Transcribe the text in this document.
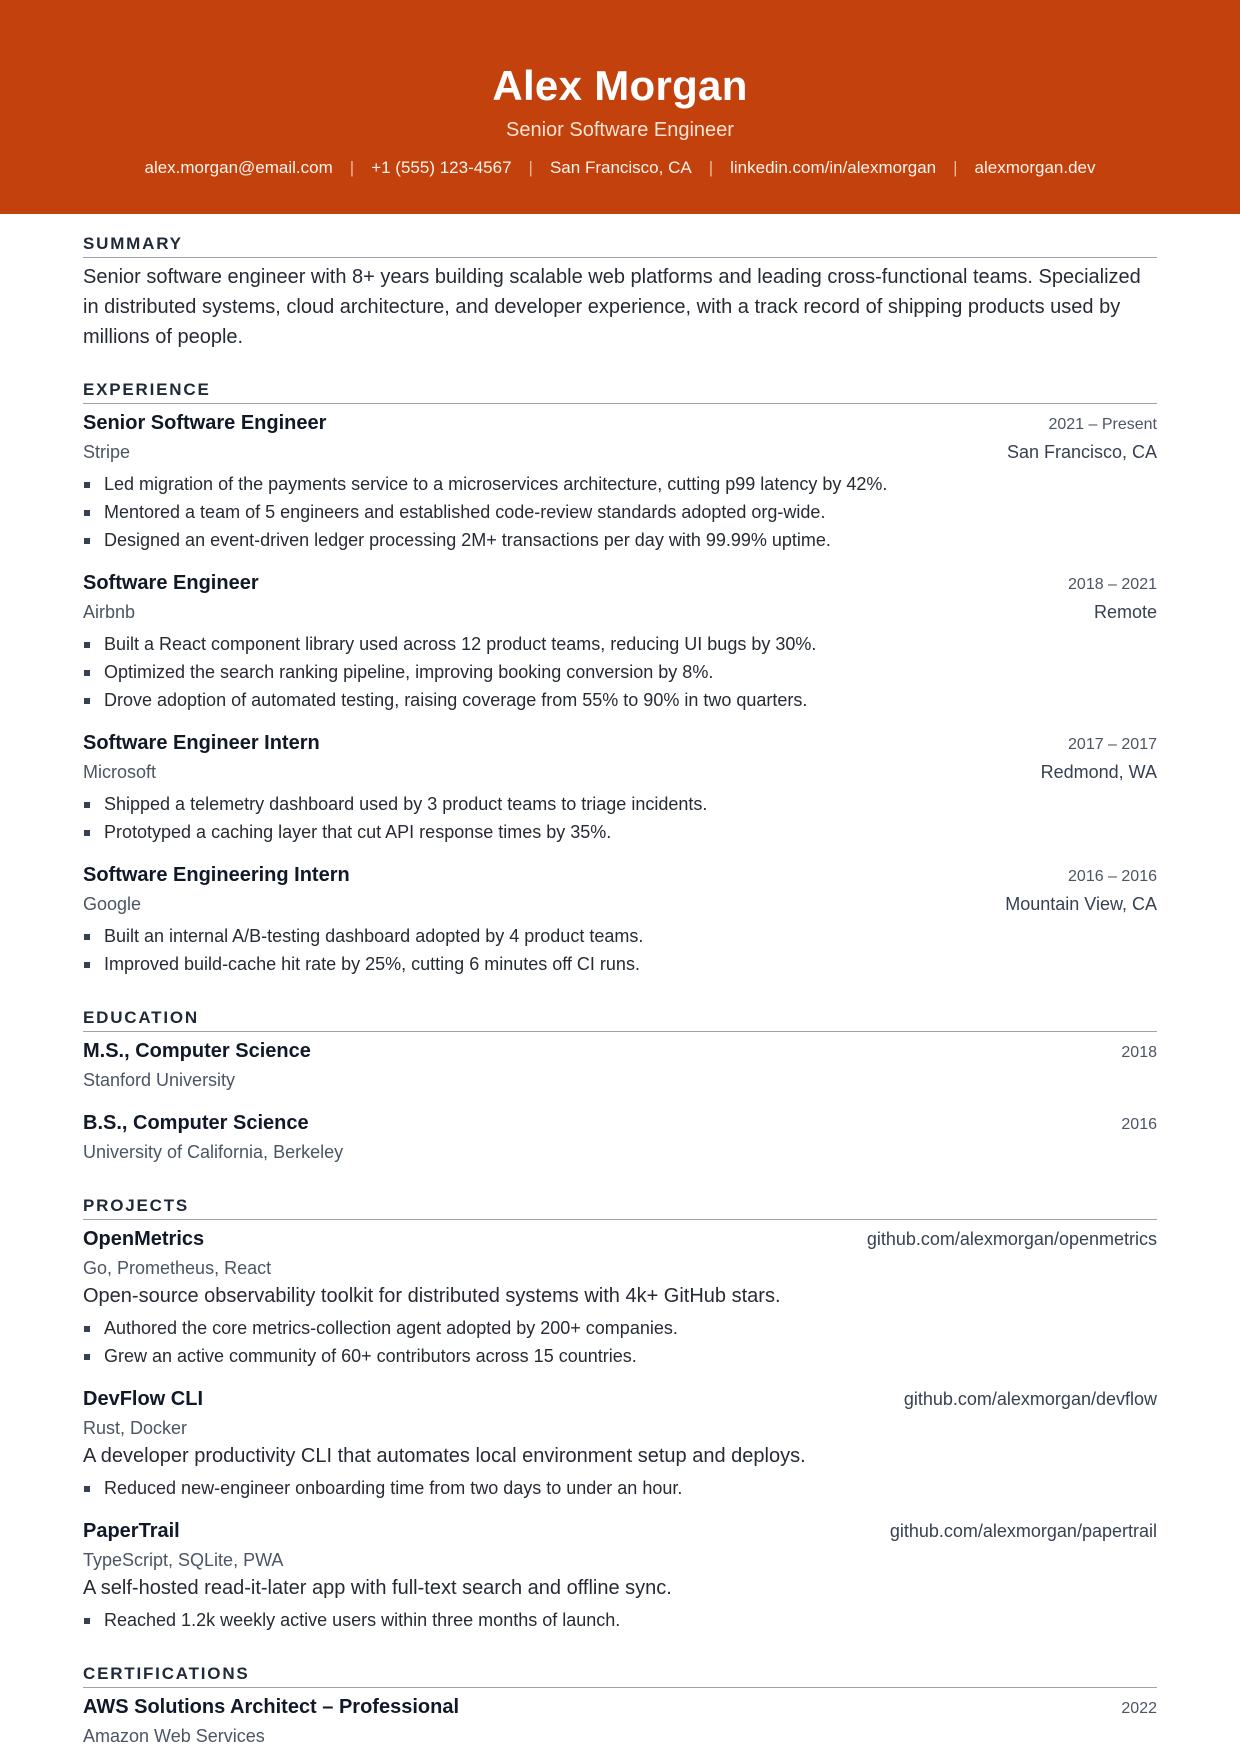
Alex Morgan
Senior Software Engineer
alex.morgan@email.com | +1 (555) 123-4567 | San Francisco, CA | linkedin.com/in/alexmorgan | alexmorgan.dev
SUMMARY

Senior software engineer with 8+ years building scalable web platforms and leading cross-functional teams. Specialized in distributed systems, cloud architecture, and developer experience, with a track record of shipping products used by millions of people.

EXPERIENCE
Senior Software Engineer	2021 – Present
Stripe	San Francisco, CA
Led migration of the payments service to a microservices architecture, cutting p99 latency by 42%.
Mentored a team of 5 engineers and established code-review standards adopted org-wide.
Designed an event-driven ledger processing 2M+ transactions per day with 99.99% uptime.
Software Engineer	2018 – 2021
Airbnb	Remote
Built a React component library used across 12 product teams, reducing UI bugs by 30%.
Optimized the search ranking pipeline, improving booking conversion by 8%.
Drove adoption of automated testing, raising coverage from 55% to 90% in two quarters.
Software Engineer Intern	2017 – 2017
Microsoft	Redmond, WA
Shipped a telemetry dashboard used by 3 product teams to triage incidents.
Prototyped a caching layer that cut API response times by 35%.
Software Engineering Intern	2016 – 2016
Google	Mountain View, CA
Built an internal A/B-testing dashboard adopted by 4 product teams.
Improved build-cache hit rate by 25%, cutting 6 minutes off CI runs.
EDUCATION
M.S., Computer Science	2018
Stanford University
B.S., Computer Science	2016
University of California, Berkeley
PROJECTS
OpenMetrics	github.com/alexmorgan/openmetrics
Go, Prometheus, React
Open-source observability toolkit for distributed systems with 4k+ GitHub stars.
Authored the core metrics-collection agent adopted by 200+ companies.
Grew an active community of 60+ contributors across 15 countries.
DevFlow CLI	github.com/alexmorgan/devflow
Rust, Docker
A developer productivity CLI that automates local environment setup and deploys.
Reduced new-engineer onboarding time from two days to under an hour.
PaperTrail	github.com/alexmorgan/papertrail
TypeScript, SQLite, PWA
A self-hosted read-it-later app with full-text search and offline sync.
Reached 1.2k weekly active users within three months of launch.
CERTIFICATIONS
AWS Solutions Architect – Professional	2022
Amazon Web Services
